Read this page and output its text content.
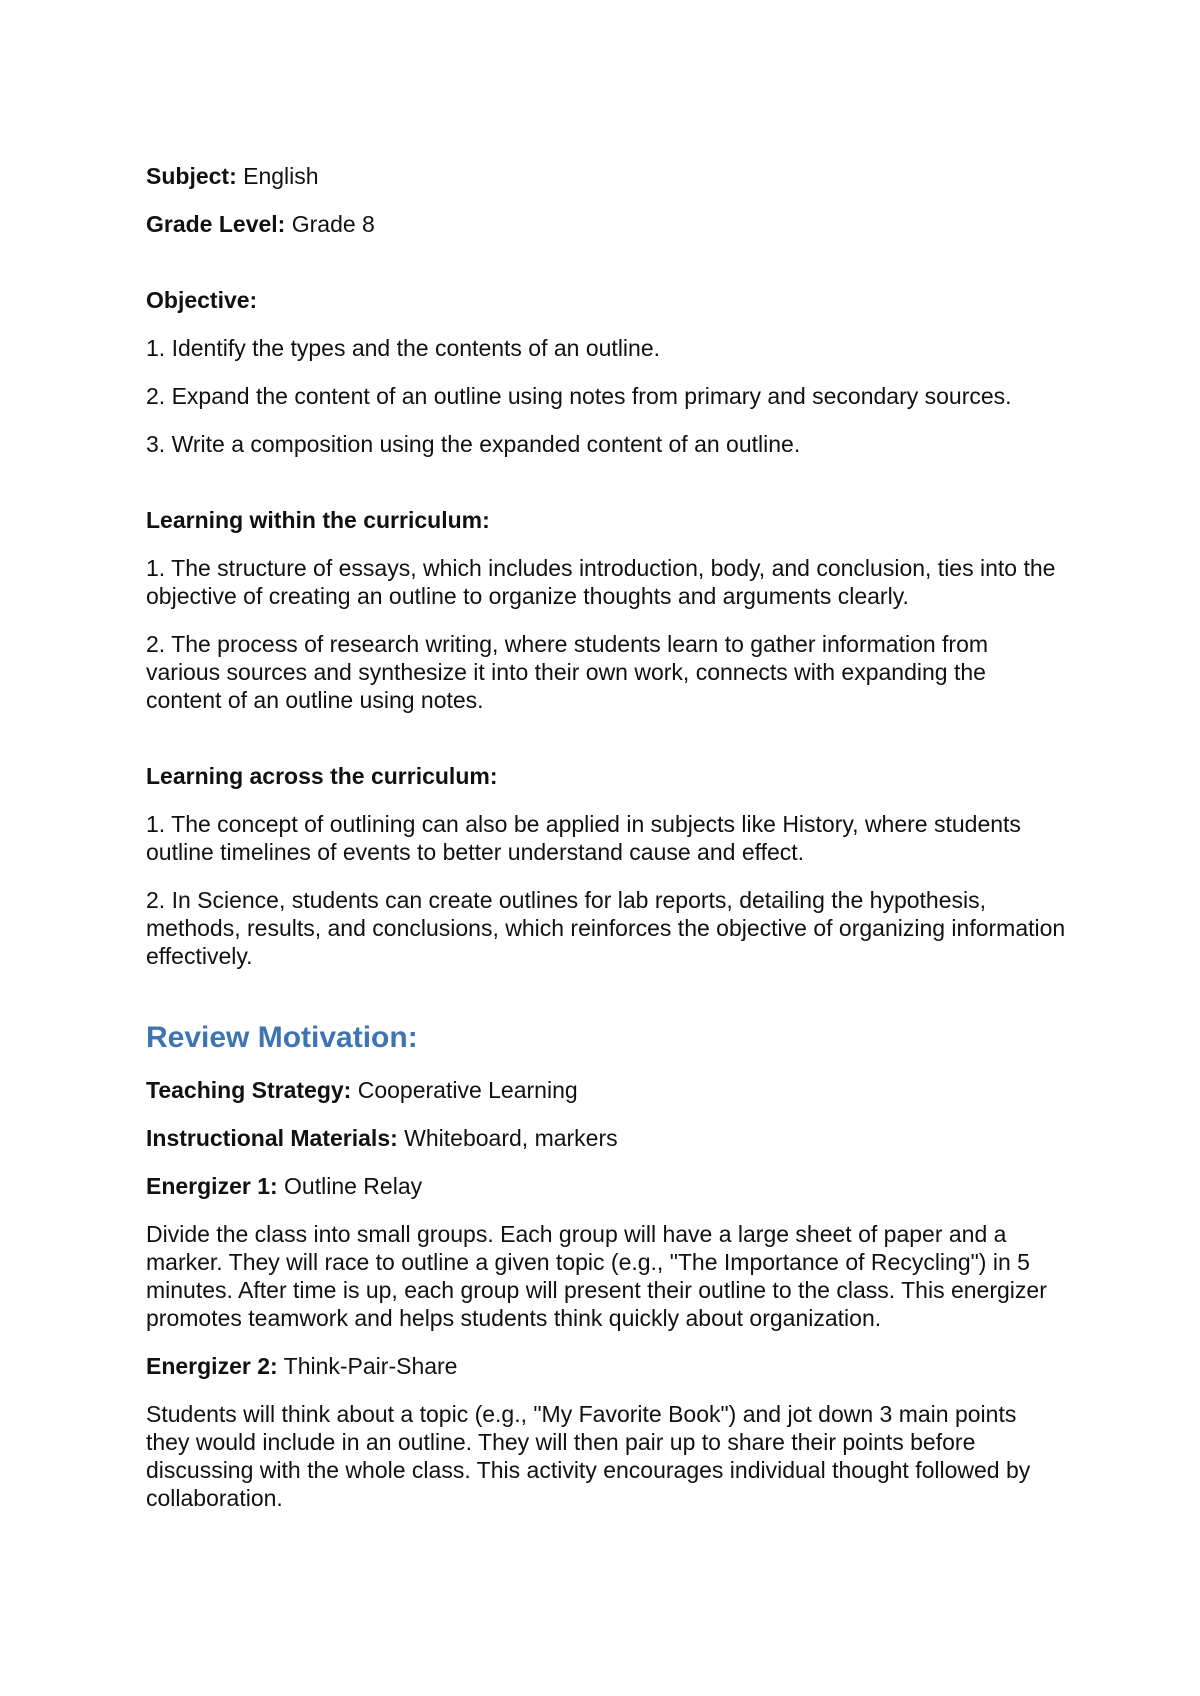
Subject: English

Grade Level: Grade 8

Objective:

1. Identify the types and the contents of an outline.

2. Expand the content of an outline using notes from primary and secondary sources.

3. Write a composition using the expanded content of an outline.

Learning within the curriculum:

1. The structure of essays, which includes introduction, body, and conclusion, ties into the objective of creating an outline to organize thoughts and arguments clearly.

2. The process of research writing, where students learn to gather information from various sources and synthesize it into their own work, connects with expanding the content of an outline using notes.

Learning across the curriculum:

1. The concept of outlining can also be applied in subjects like History, where students outline timelines of events to better understand cause and effect.

2. In Science, students can create outlines for lab reports, detailing the hypothesis, methods, results, and conclusions, which reinforces the objective of organizing information effectively.

Review Motivation:

Teaching Strategy: Cooperative Learning

Instructional Materials: Whiteboard, markers

Energizer 1: Outline Relay

Divide the class into small groups. Each group will have a large sheet of paper and a marker. They will race to outline a given topic (e.g., "The Importance of Recycling") in 5 minutes. After time is up, each group will present their outline to the class. This energizer promotes teamwork and helps students think quickly about organization.

Energizer 2: Think-Pair-Share

Students will think about a topic (e.g., "My Favorite Book") and jot down 3 main points they would include in an outline. They will then pair up to share their points before discussing with the whole class. This activity encourages individual thought followed by collaboration.
